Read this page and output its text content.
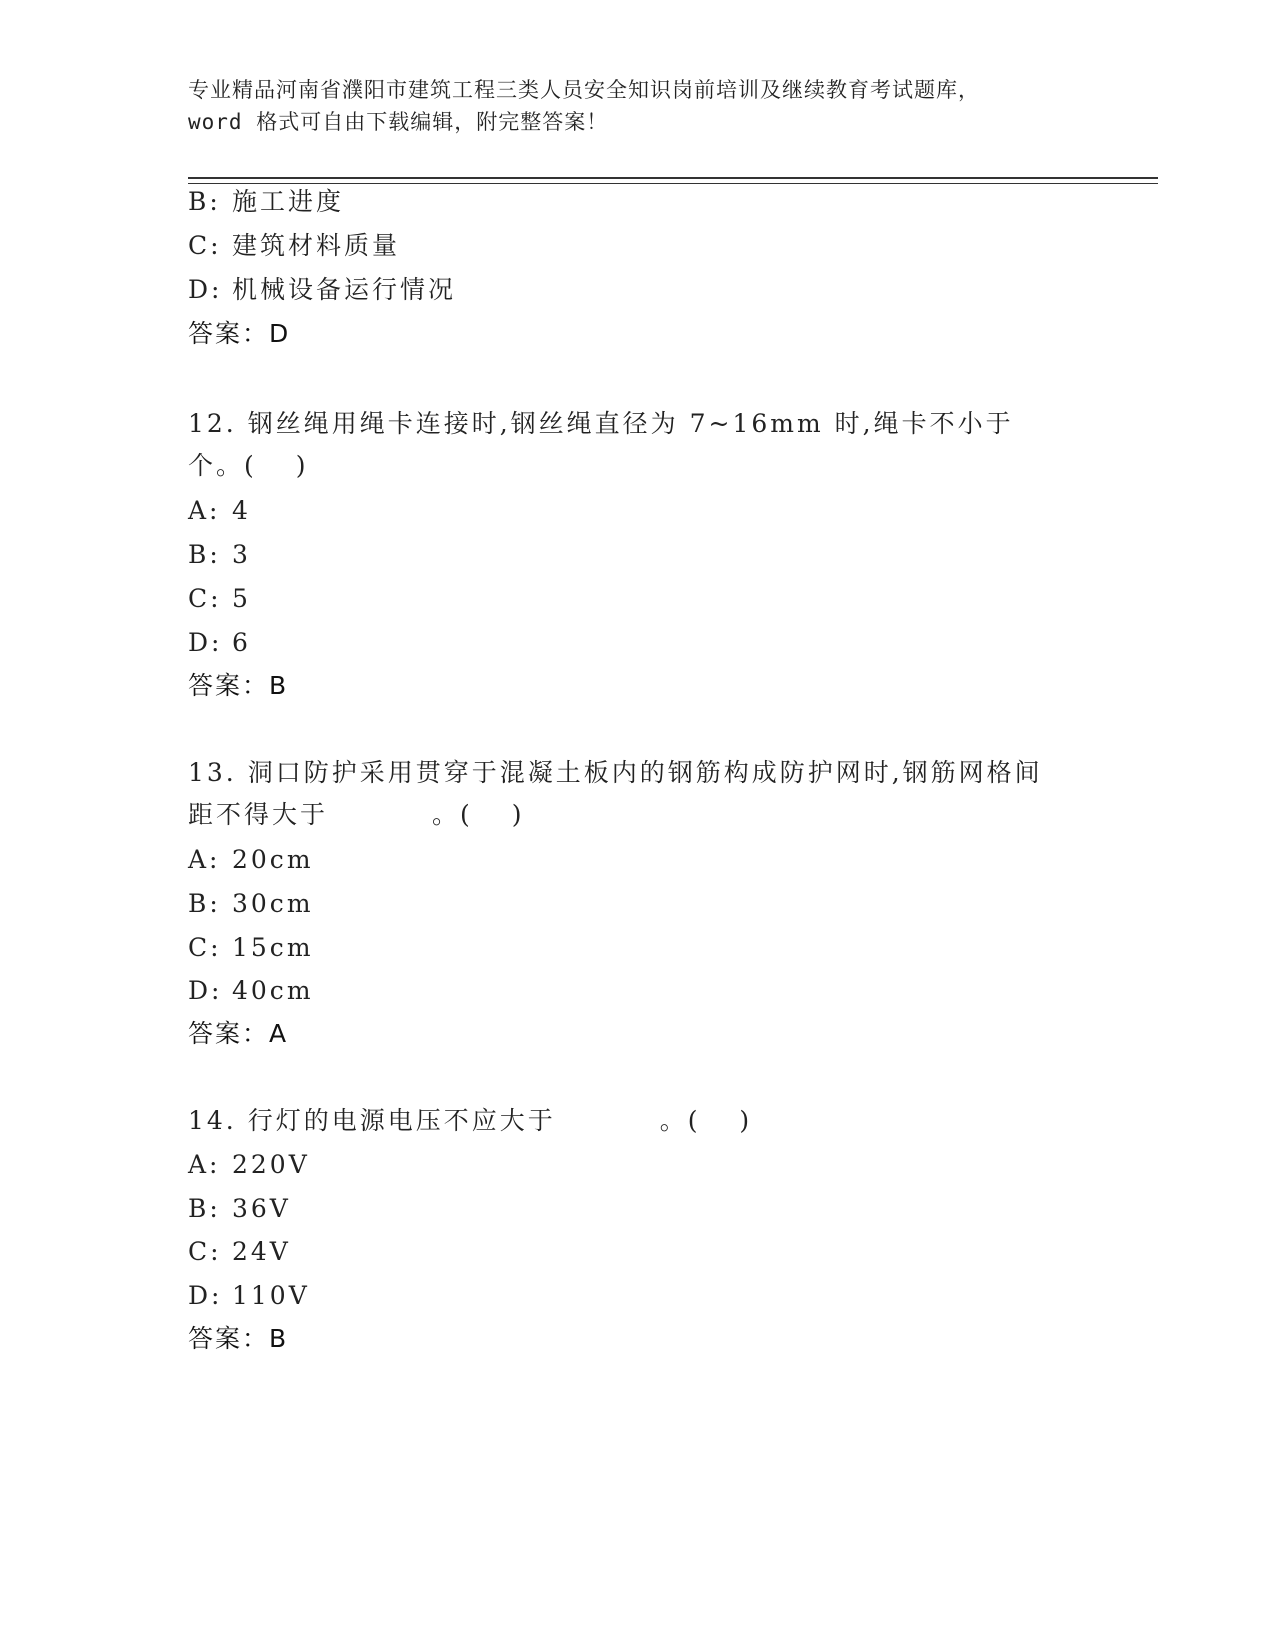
专业精品河南省濮阳市建筑工程三类人员安全知识岗前培训及继续教育考试题库，
word 格式可自由下载编辑，附完整答案！
B: 施工进度
C: 建筑材料质量
D: 机械设备运行情况
答案：D
12. 钢丝绳用绳卡连接时,钢丝绳直径为 7~16mm 时,绳卡不小于
个。(　 )
A: 4
B: 3
C: 5
D: 6
答案：B
13. 洞口防护采用贯穿于混凝土板内的钢筋构成防护网时,钢筋网格间
距不得大于	。(　 )
A: 20cm
B: 30cm
C: 15cm
D: 40cm
答案：A
14. 行灯的电源电压不应大于	。(　 )
A: 220V
B: 36V
C: 24V
D: 110V
答案：B
